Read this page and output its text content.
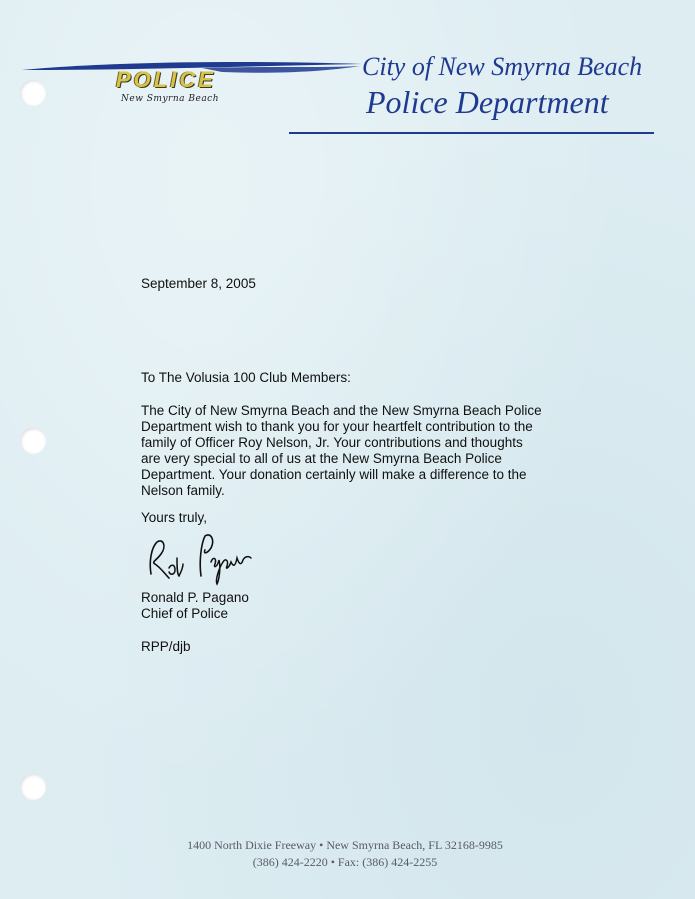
POLICE
New Smyrna Beach
City of New Smyrna Beach
Police Department
September 8, 2005
To The Volusia 100 Club Members:
The City of New Smyrna Beach and the New Smyrna Beach Police
Department wish to thank you for your heartfelt contribution to the
family of Officer Roy Nelson, Jr. Your contributions and thoughts
are very special to all of us at the New Smyrna Beach Police
Department. Your donation certainly will make a difference to the
Nelson family.
Yours truly,
Ronald P. Pagano
Chief of Police
RPP/djb
1400 North Dixie Freeway • New Smyrna Beach, FL 32168-9985
(386) 424-2220 • Fax: (386) 424-2255
